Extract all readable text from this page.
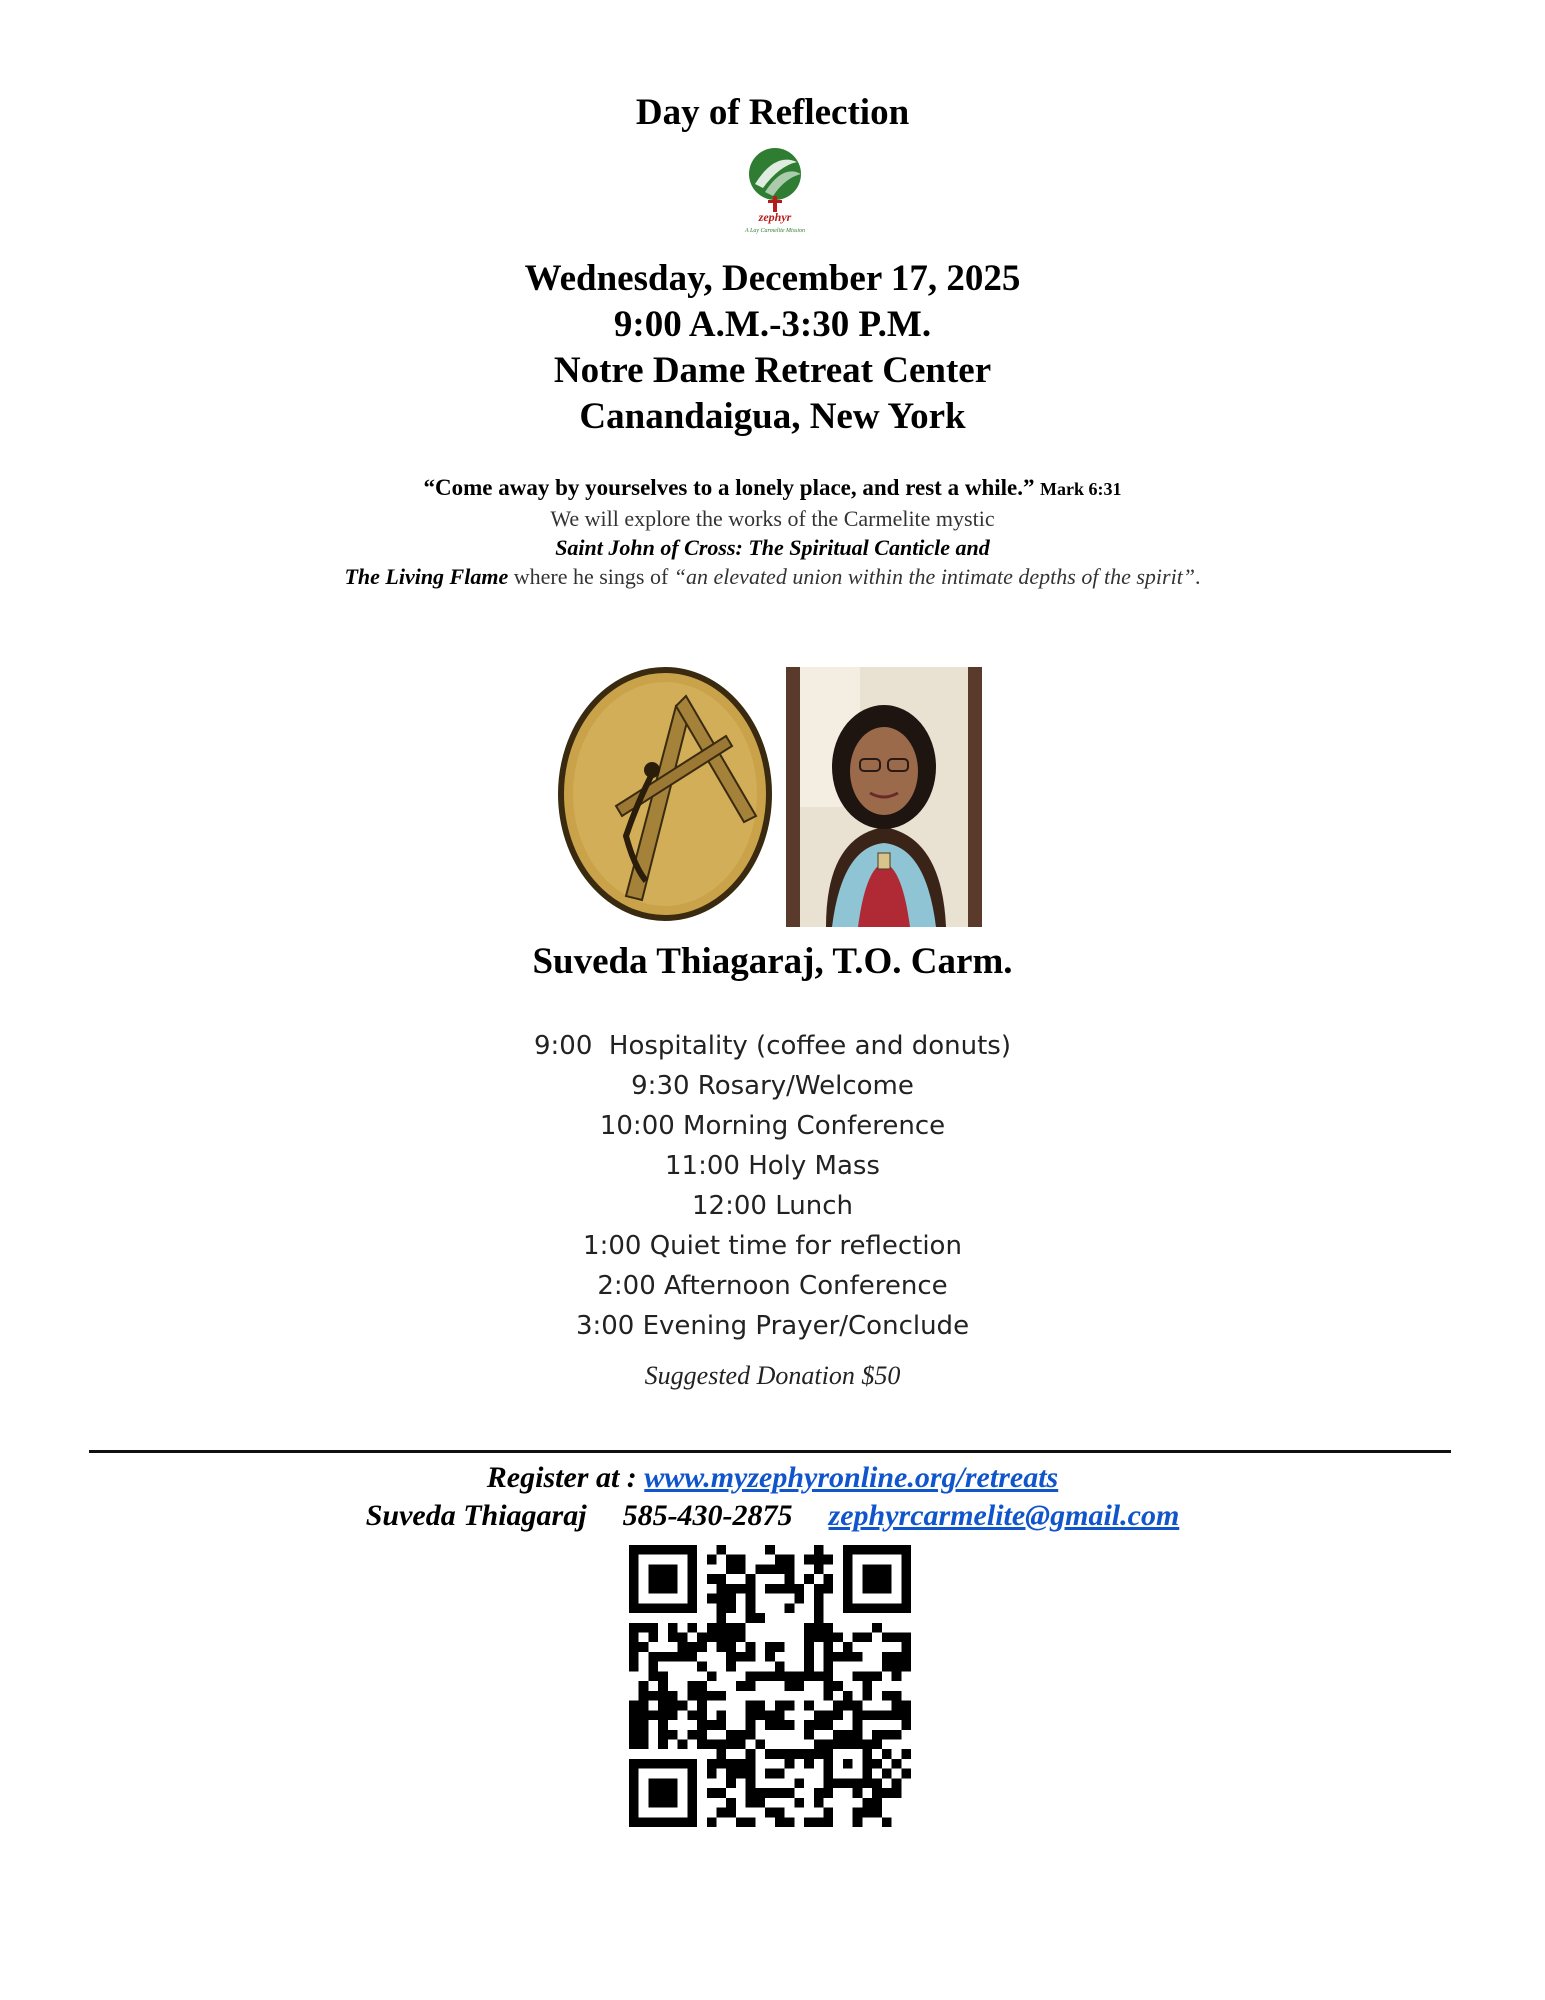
Day of Reflection
zephyr
A Lay Carmelite Mission
Wednesday, December 17, 2025
9:00 A.M.-3:30 P.M.
Notre Dame Retreat Center
Canandaigua, New York
“Come away by yourselves to a lonely place, and rest a while.” Mark 6:31
We will explore the works of the Carmelite mystic
Saint John of Cross: The Spiritual Canticle and
The Living Flame where he sings of “an elevated union within the intimate depths of the spirit”.
Suveda Thiagaraj, T.O. Carm.
9:00  Hospitality (coffee and donuts)
9:30 Rosary/Welcome
10:00 Morning Conference
11:00 Holy Mass
12:00 Lunch
1:00 Quiet time for reflection
2:00 Afternoon Conference
3:00 Evening Prayer/Conclude
Suggested Donation $50
Register at : www.myzephyronline.org/retreats
Suveda Thiagaraj 585-430-2875 zephyrcarmelite@gmail.com
